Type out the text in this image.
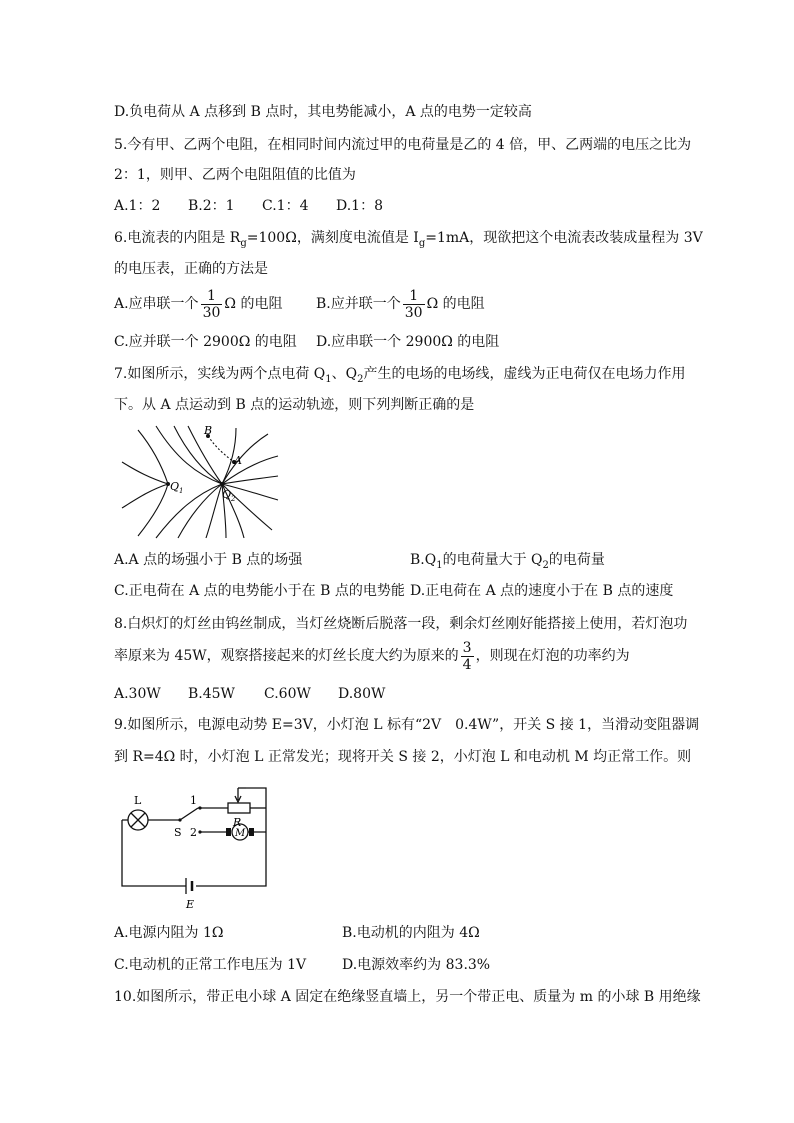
D.负电荷从 A 点移到 B 点时，其电势能减小，A 点的电势一定较高
5.今有甲、乙两个电阻，在相同时间内流过甲的电荷量是乙的 4 倍，甲、乙两端的电压之比为
2：1，则甲、乙两个电阻阻值的比值为
A.1：2 B.2：1 C.1：4 D.1：8
6.电流表的内阻是 $R_g=100\Omega$，满刻度电流值是 $I_g=1mA$，现欲把这个电流表改装成量程为 3V
的电压表，正确的方法是
A.应串联一个 $\frac{1}{30}$ Ω 的电阻 B.应并联一个 $\frac{1}{30}$ Ω 的电阻
C.应并联一个 2900Ω 的电阻 D.应串联一个 2900Ω 的电阻
7.如图所示，实线为两个点电荷 $Q_1$、$Q_2$产生的电场的电场线，虚线为正电荷仅在电场力作用
下。从 A 点运动到 B 点的运动轨迹，则下列判断正确的是
B
A
$Q_1$	$Q_2$
A.A 点的场强小于 B 点的场强	$B.Q_1$的电荷量大于 $Q_2$的电荷量
C.正电荷在 A 点的电势能小于在 B 点的电势能 D.正电荷在 A 点的速度小于在 B 点的速度
8.白炽灯的灯丝由钨丝制成，当灯丝烧断后脱落一段，剩余灯丝刚好能搭接上使用，若灯泡功
率原来为 45W，观察搭接起来的灯丝长度大约为原来的 $\frac{3}{4}$ ，则现在灯泡的功率约为
A.30W B.45W C.60W D.80W
9.如图所示，电源电动势 E=3V，小灯泡 L 标有“2V　0.4W”，开关 S 接 1，当滑动变阻器调
到 R=4Ω 时，小灯泡 L 正常发光；现将开关 S 接 2，小灯泡 L 和电动机 M 均正常工作。则
L
S
1
2
R
M
E
A.电源内阻为 1Ω	B.电动机的内阻为 4Ω
C.电动机的正常工作电压为 1V	D.电源效率约为 83.3%
10.如图所示，带正电小球 A 固定在绝缘竖直墙上，另一个带正电、质量为 m 的小球 B 用绝缘
